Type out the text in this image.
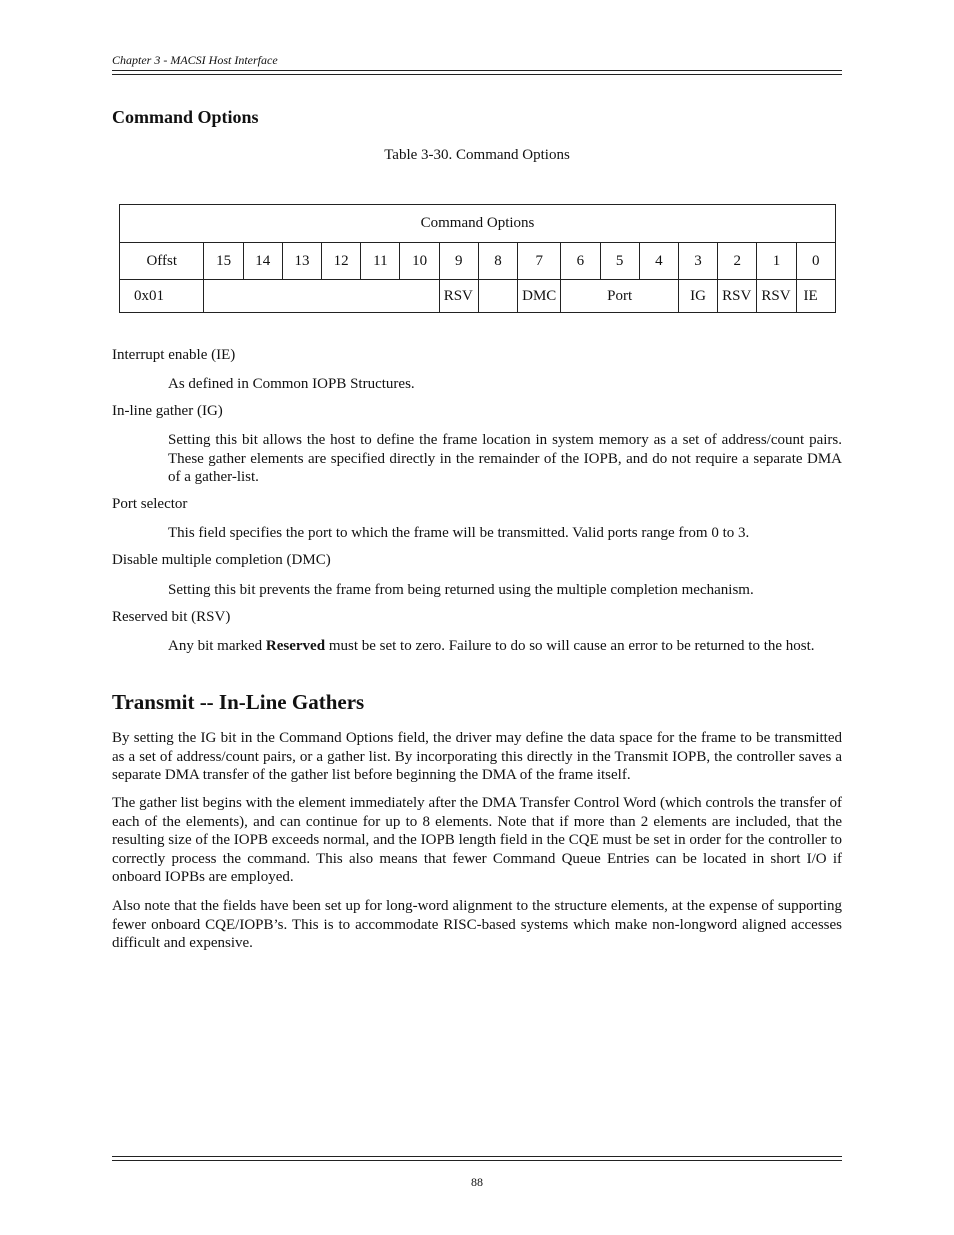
Chapter 3 - MACSI Host Interface
Command Options
Table 3-30. Command Options
Command Options																
Offst	15	14	13	12	11	10	9	8	7	6	5	4	3	2	1	0
0x01							RSV		DMC	Port			IG	RSV	RSV	IE
Interrupt enable (IE)
As defined in Common IOPB Structures.
In-line gather (IG)
Setting this bit allows the host to define the frame location in system memory as a set of address/count pairs. These gather elements are specified directly in the remainder of the IOPB, and do not require a separate DMA of a gather-list.
Port selector
This field specifies the port to which the frame will be transmitted. Valid ports range from 0 to 3.
Disable multiple completion (DMC)
Setting this bit prevents the frame from being returned using the multiple completion mechanism.
Reserved bit (RSV)
Any bit marked Reserved must be set to zero. Failure to do so will cause an error to be returned to the host.
Transmit -- In-Line Gathers
By setting the IG bit in the Command Options field, the driver may define the data space for the frame to be transmitted as a set of address/count pairs, or a gather list. By incorporating this directly in the Transmit IOPB, the controller saves a separate DMA transfer of the gather list before beginning the DMA of the frame itself.
The gather list begins with the element immediately after the DMA Transfer Control Word (which controls the transfer of each of the elements), and can continue for up to 8 elements. Note that if more than 2 elements are included, that the resulting size of the IOPB exceeds normal, and the IOPB length field in the CQE must be set in order for the controller to correctly process the command. This also means that fewer Command Queue Entries can be located in short I/O if onboard IOPBs are employed.
Also note that the fields have been set up for long-word alignment to the structure elements, at the expense of supporting fewer onboard CQE/IOPB’s. This is to accommodate RISC-based systems which make non-longword aligned accesses difficult and expensive.
88
